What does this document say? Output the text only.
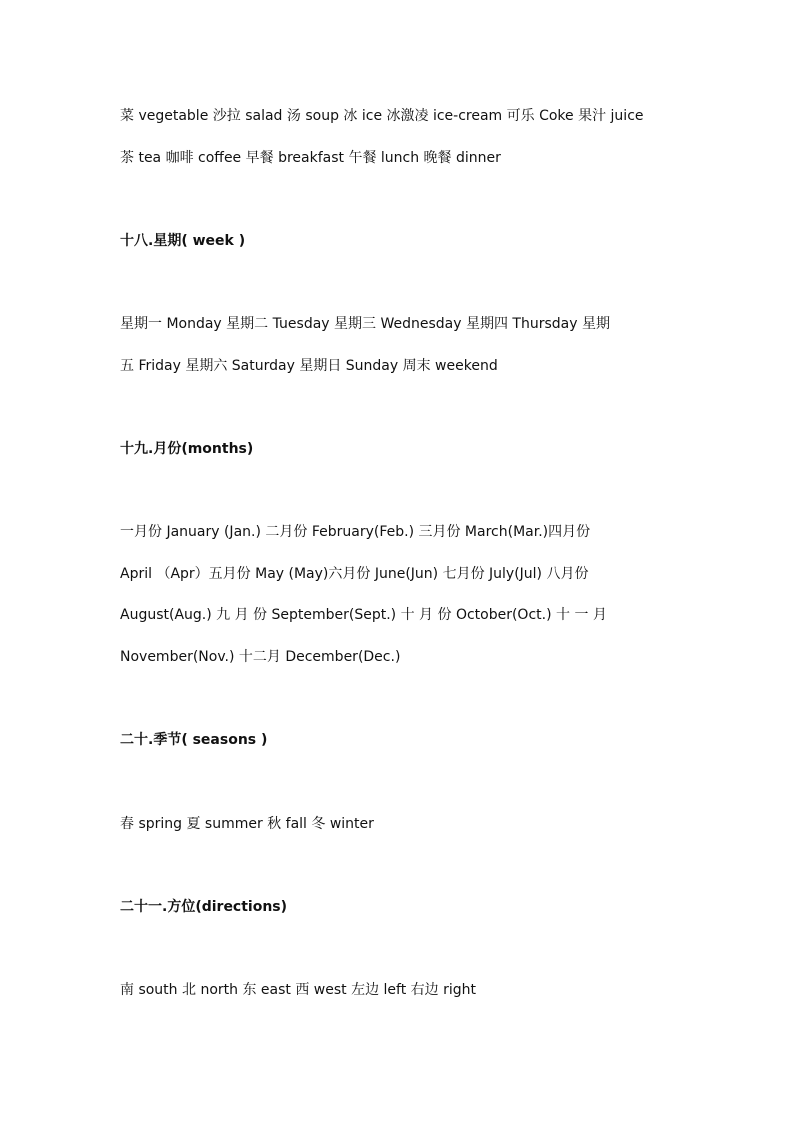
菜 vegetable 沙拉 salad 汤 soup 冰 ice 冰激凌 ice-cream 可乐 Coke 果汁 juice
茶 tea 咖啡 coffee 早餐 breakfast 午餐 lunch 晚餐 dinner
十八.星期( week )
星期一 Monday 星期二 Tuesday 星期三 Wednesday 星期四 Thursday 星期
五 Friday 星期六 Saturday 星期日 Sunday 周末 weekend
十九.月份(months)
一月份 January (Jan.) 二月份 February(Feb.) 三月份 March(Mar.)四月份
April （Apr）五月份 May (May)六月份 June(Jun) 七月份 July(Jul) 八月份
August(Aug.) 九 月 份 September(Sept.) 十 月 份 October(Oct.) 十 一 月
November(Nov.) 十二月 December(Dec.)
二十.季节( seasons )
春 spring 夏 summer 秋 fall 冬 winter
二十一.方位(directions)
南 south 北 north 东 east 西 west 左边 left 右边 right
